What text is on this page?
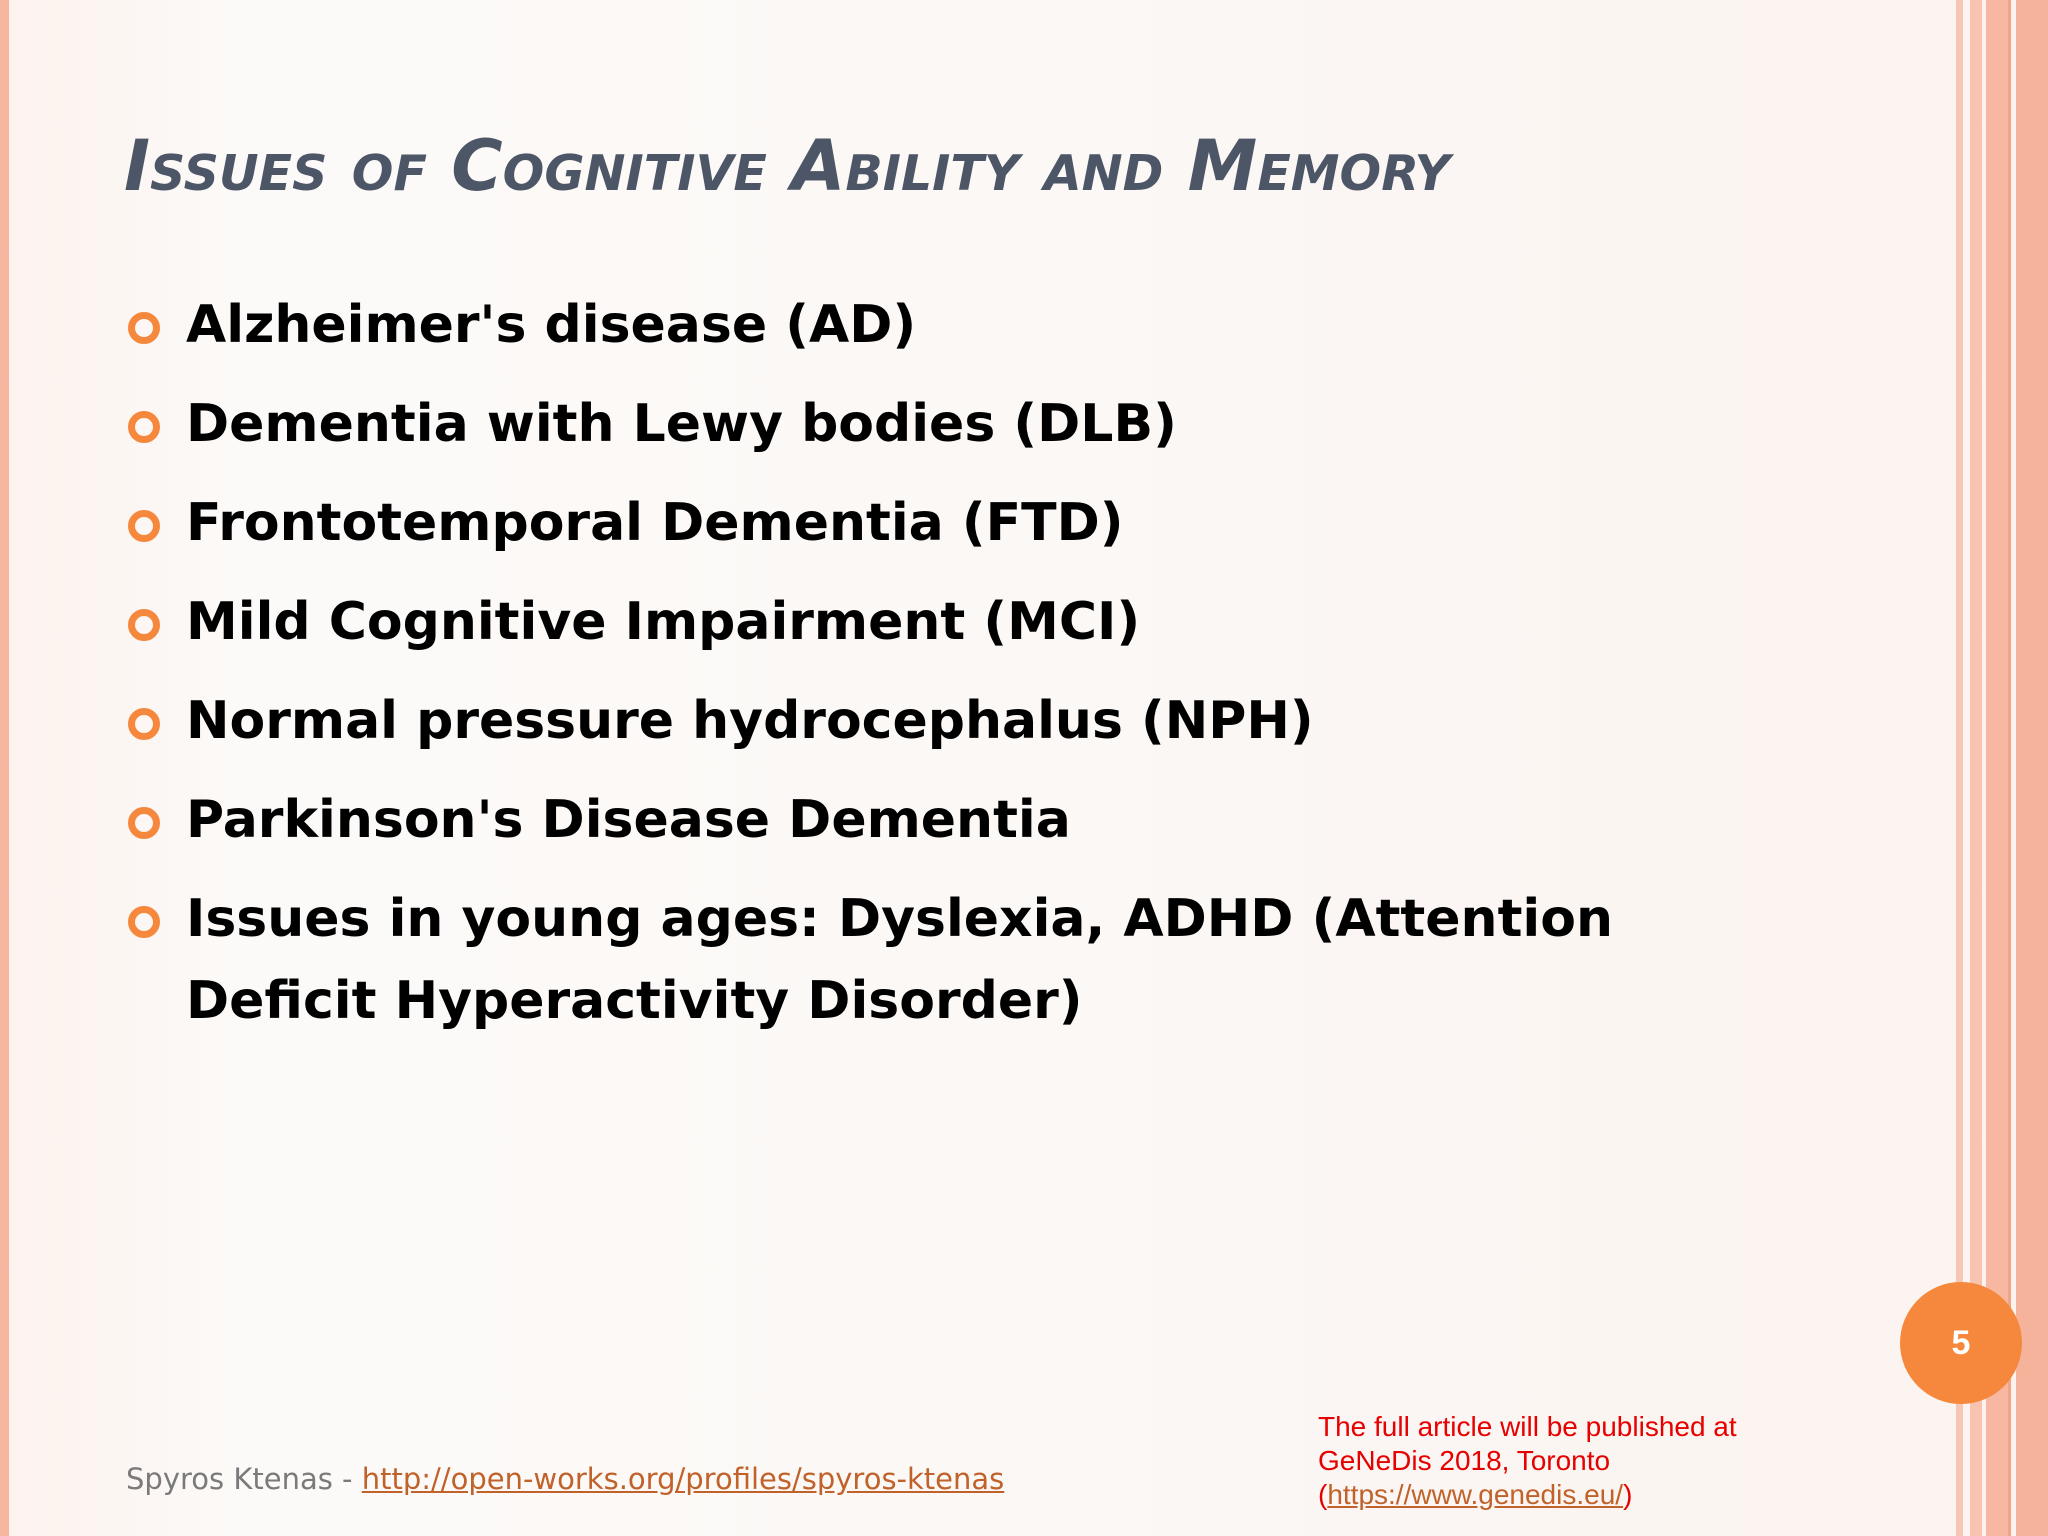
Issues of Cognitive Ability and Memory
Alzheimer's disease (AD)
Dementia with Lewy bodies (DLB)
Frontotemporal Dementia (FTD)
Mild Cognitive Impairment (MCI)
Normal pressure hydrocephalus (NPH)
Parkinson's Disease Dementia
Issues in young ages: Dyslexia, ADHD (Attention Deficit Hyperactivity Disorder)
5
Spyros Ktenas - http://open-works.org/profiles/spyros-ktenas
The full article will be published at
GeNeDis 2018, Toronto
(https://www.genedis.eu/)
